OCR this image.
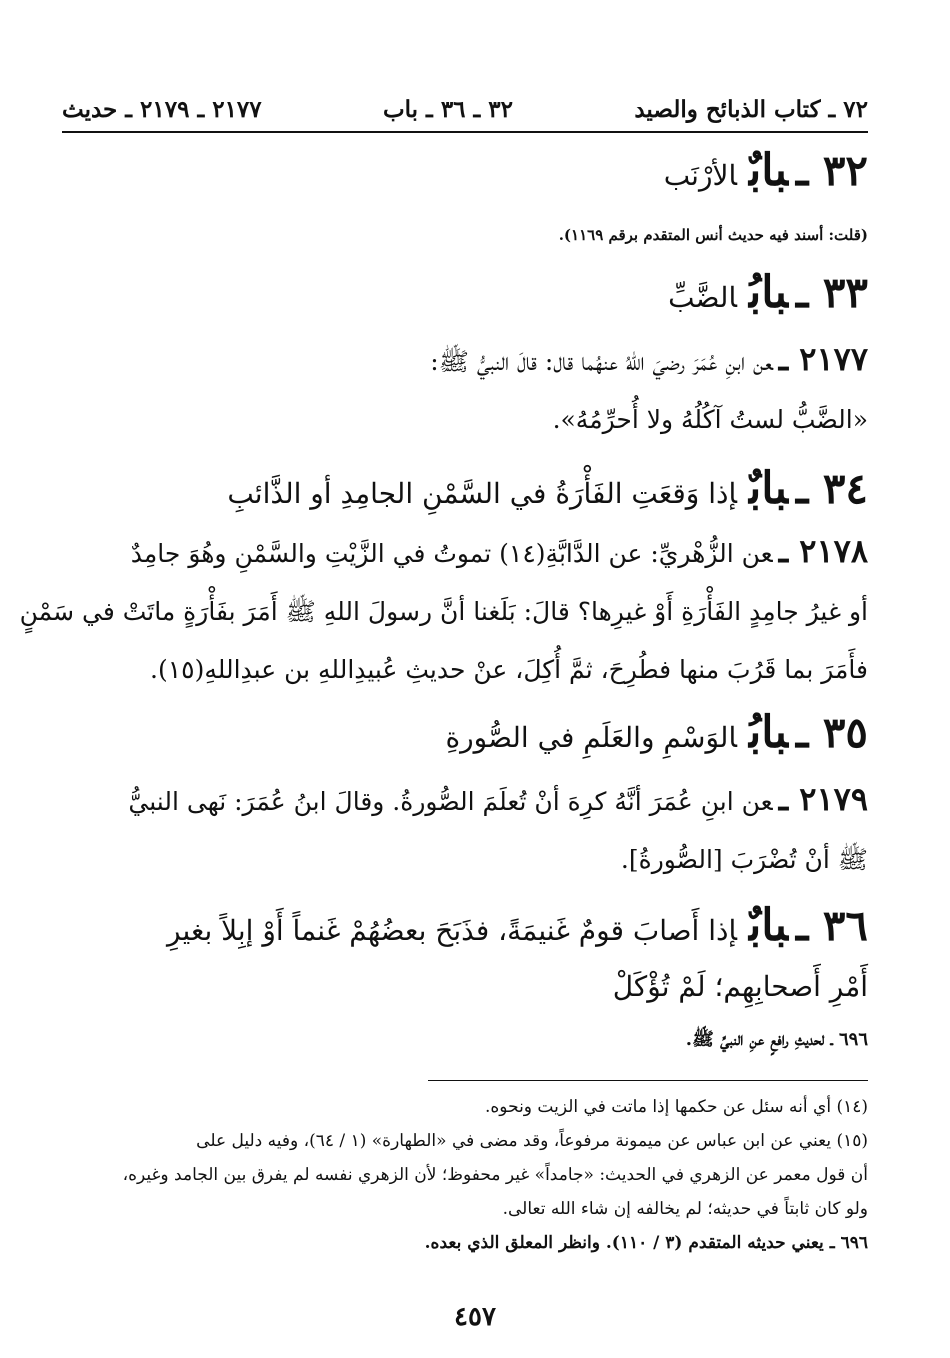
٧٢ ـ كتاب الذبائح والصيد
٣٢ ـ ٣٦ ـ باب
٢١٧٧ ـ ٢١٧٩ ـ حديث
٣٢ ـبابٌالأرْنَب
(قلت: أسند فيه حديث أنس المتقدم برقم ١١٦٩).
٣٣ ـبابُالضَّبِّ
٢١٧٧ ـعن ابنِ عُمَرَ رضيَ اللهُ عنهُما قال: قالَ النبيُّ ﷺ:
«الضَّبُّ لستُ آكُلُهُ ولا أُحرِّمُهُ».
٣٤ ـبابٌإذا وَقعَتِ الفَأْرَةُ في السَّمْنِ الجامِدِ أو الذَّائبِ
٢١٧٨ ـعن الزُّهْريِّ: عن الدَّابَّةِ(١٤) تموتُ في الزَّيْتِ والسَّمْنِ وهُوَ جامِدٌ
أو غيرُ جامِدٍ الفَأْرَةِ أَوْ غيرِها؟ قالَ: بَلَغنا أنَّ رسولَ اللهِ ﷺ أَمَرَ بفَأْرَةٍ ماتَتْ في سَمْنٍ
فأَمَرَ بما قَرُبَ منها فطُرِحَ، ثمَّ أُكِلَ، عنْ حديثِ عُبيدِاللهِ بن عبدِاللهِ(١٥).
٣٥ ـبابُالوَسْمِ والعَلَمِ في الصُّورةِ
٢١٧٩ ـعن ابنِ عُمَرَ أنَّهُ كرِهَ أنْ تُعلَمَ الصُّورةُ. وقالَ ابنُ عُمَرَ: نَهى النبيُّ
ﷺ أنْ تُضْرَبَ [الصُّورةُ].
٣٦ ـبابٌإذا أَصابَ قومٌ غَنيمَةً، فذَبَحَ بعضُهُمْ غَنماً أَوْ إبِلاً بغيرِ
أَمْرِ أَصحابِهِم؛ لَمْ تُؤْكَلْ
٦٩٦ ـ لحديثِ رافعٍ عنِ النبيِّ ﷺ.
(١٤) أي أنه سئل عن حكمها إذا ماتت في الزيت ونحوه.
(١٥) يعني عن ابن عباس عن ميمونة مرفوعاً، وقد مضى في «الطهارة» (١ / ٦٤)، وفيه دليل على
أن قول معمر عن الزهري في الحديث: «جامداً» غير محفوظ؛ لأن الزهري نفسه لم يفرق بين الجامد وغيره،
ولو كان ثابتاً في حديثه؛ لم يخالفه إن شاء الله تعالى.
٦٩٦ ـ يعني حديثه المتقدم (٣ / ١١٠). وانظر المعلق الذي بعده.
٤٥٧
